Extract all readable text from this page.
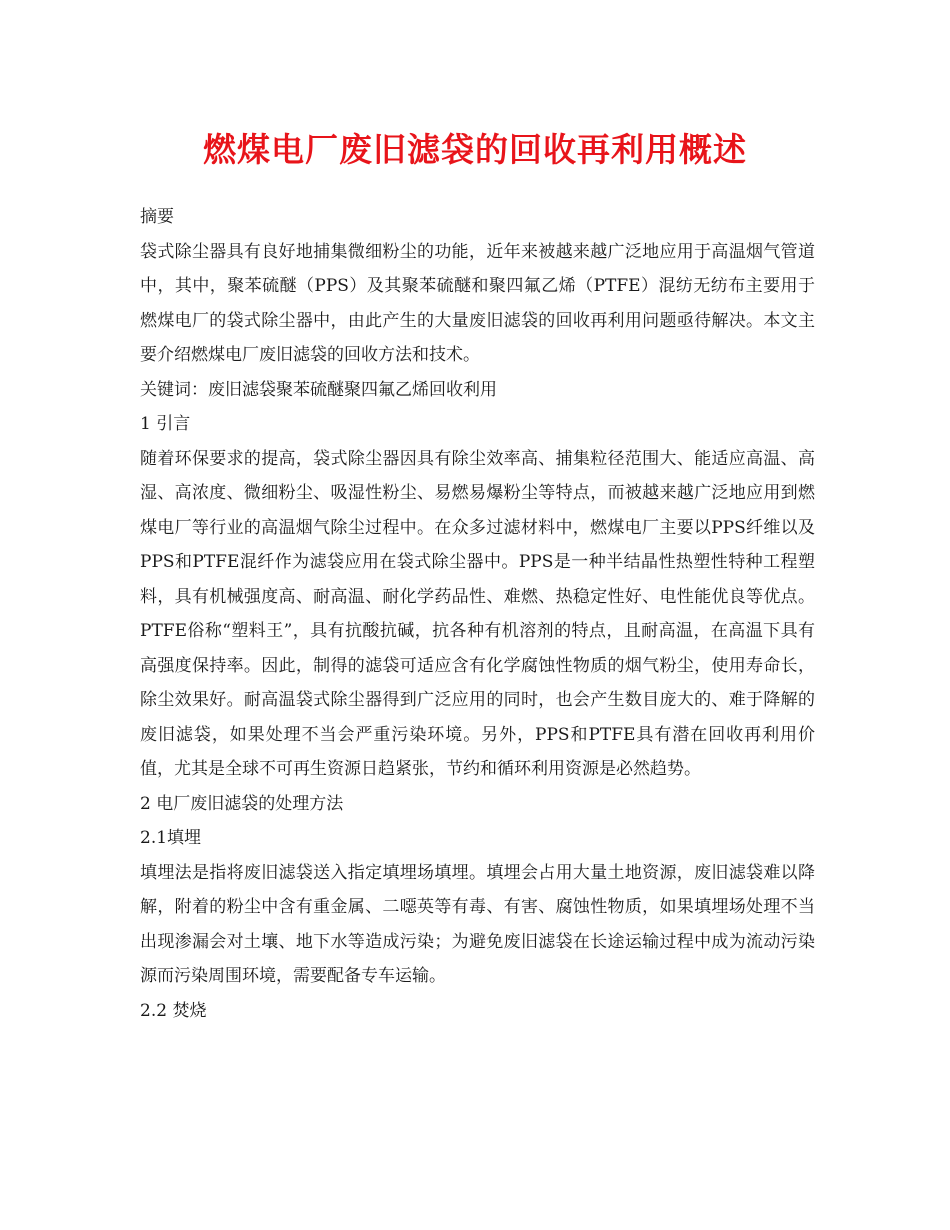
燃煤电厂废旧滤袋的回收再利用概述
摘要
袋式除尘器具有良好地捕集微细粉尘的功能，近年来被越来越广泛地应用于高温烟气管道中，其中，聚苯硫醚（PPS）及其聚苯硫醚和聚四氟乙烯（PTFE）混纺无纺布主要用于燃煤电厂的袋式除尘器中，由此产生的大量废旧滤袋的回收再利用问题亟待解决。本文主要介绍燃煤电厂废旧滤袋的回收方法和技术。
关键词：废旧滤袋聚苯硫醚聚四氟乙烯回收利用
1 引言
随着环保要求的提高，袋式除尘器因具有除尘效率高、捕集粒径范围大、能适应高温、高湿、高浓度、微细粉尘、吸湿性粉尘、易燃易爆粉尘等特点，而被越来越广泛地应用到燃煤电厂等行业的高温烟气除尘过程中。在众多过滤材料中，燃煤电厂主要以PPS纤维以及PPS和PTFE混纤作为滤袋应用在袋式除尘器中。PPS是一种半结晶性热塑性特种工程塑料，具有机械强度高、耐高温、耐化学药品性、难燃、热稳定性好、电性能优良等优点。PTFE俗称“塑料王”，具有抗酸抗碱，抗各种有机溶剂的特点，且耐高温，在高温下具有高强度保持率。因此，制得的滤袋可适应含有化学腐蚀性物质的烟气粉尘，使用寿命长，除尘效果好。耐高温袋式除尘器得到广泛应用的同时，也会产生数目庞大的、难于降解的废旧滤袋，如果处理不当会严重污染环境。另外，PPS和PTFE具有潜在回收再利用价值，尤其是全球不可再生资源日趋紧张，节约和循环利用资源是必然趋势。
2 电厂废旧滤袋的处理方法
2.1填埋
填埋法是指将废旧滤袋送入指定填埋场填埋。填埋会占用大量土地资源，废旧滤袋难以降解，附着的粉尘中含有重金属、二噁英等有毒、有害、腐蚀性物质，如果填埋场处理不当出现渗漏会对土壤、地下水等造成污染；为避免废旧滤袋在长途运输过程中成为流动污染源而污染周围环境，需要配备专车运输。
2.2 焚烧
